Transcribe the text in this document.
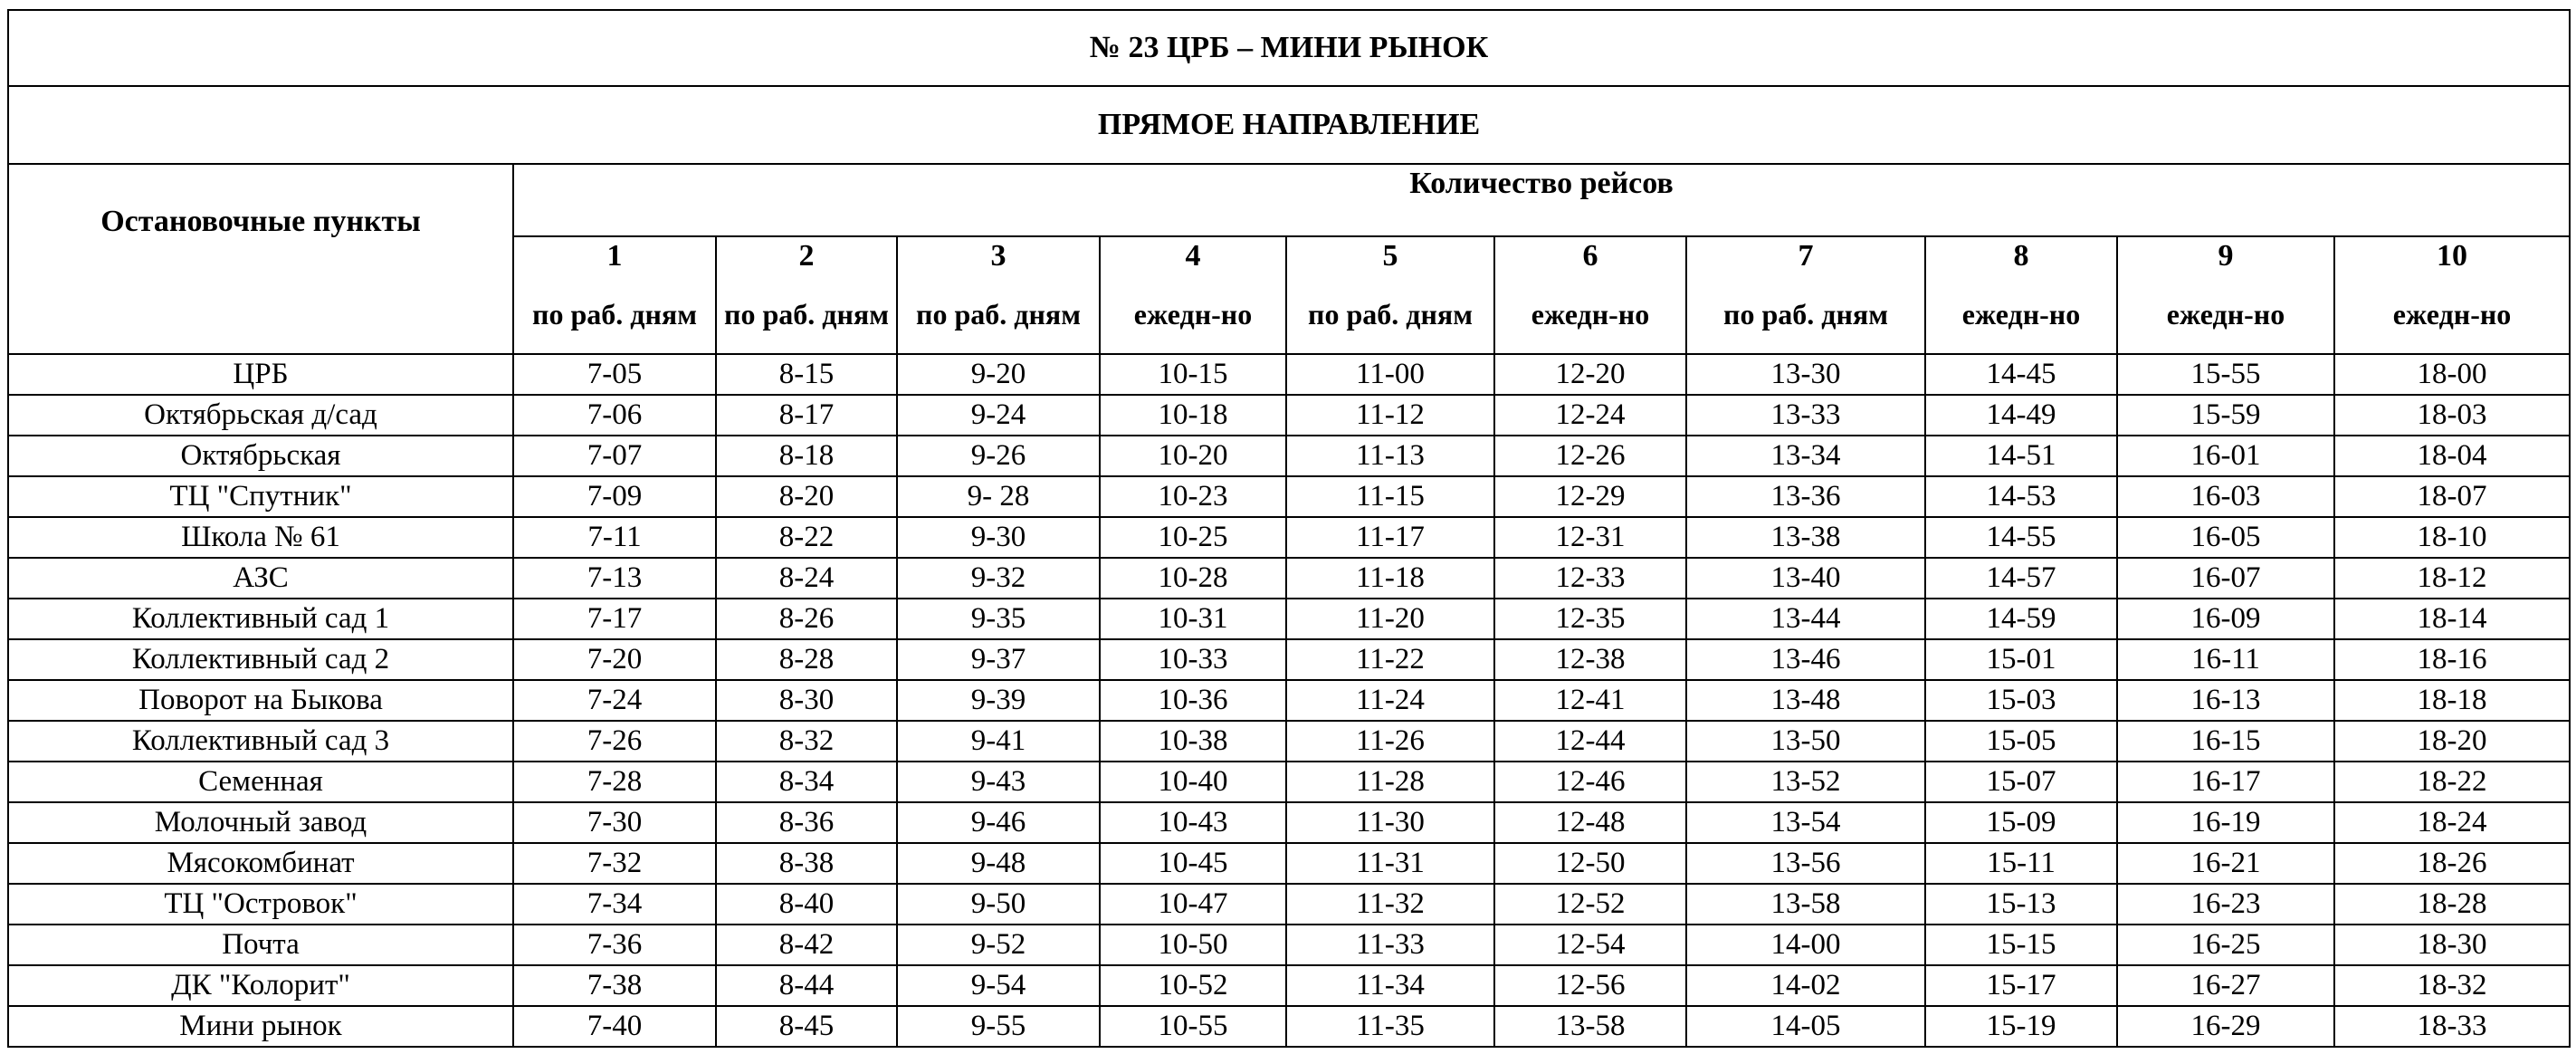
№ 23 ЦРБ – МИНИ РЫНОК										
ПРЯМОЕ НАПРАВЛЕНИЕ										
Остановочные пункты	Количество рейсов									
	1	2	3	4	5	6	7	8	9	10
	по раб. дням	по раб. дням	по раб. дням	ежедн-но	по раб. дням	ежедн-но	по раб. дням	ежедн-но	ежедн-но	ежедн-но
ЦРБ	7-05	8-15	9-20	10-15	11-00	12-20	13-30	14-45	15-55	18-00
Октябрьская д/сад	7-06	8-17	9-24	10-18	11-12	12-24	13-33	14-49	15-59	18-03
Октябрьская	7-07	8-18	9-26	10-20	11-13	12-26	13-34	14-51	16-01	18-04
ТЦ "Спутник"	7-09	8-20	9- 28	10-23	11-15	12-29	13-36	14-53	16-03	18-07
Школа № 61	7-11	8-22	9-30	10-25	11-17	12-31	13-38	14-55	16-05	18-10
АЗС	7-13	8-24	9-32	10-28	11-18	12-33	13-40	14-57	16-07	18-12
Коллективный сад 1	7-17	8-26	9-35	10-31	11-20	12-35	13-44	14-59	16-09	18-14
Коллективный сад 2	7-20	8-28	9-37	10-33	11-22	12-38	13-46	15-01	16-11	18-16
Поворот на Быкова	7-24	8-30	9-39	10-36	11-24	12-41	13-48	15-03	16-13	18-18
Коллективный сад 3	7-26	8-32	9-41	10-38	11-26	12-44	13-50	15-05	16-15	18-20
Семенная	7-28	8-34	9-43	10-40	11-28	12-46	13-52	15-07	16-17	18-22
Молочный завод	7-30	8-36	9-46	10-43	11-30	12-48	13-54	15-09	16-19	18-24
Мясокомбинат	7-32	8-38	9-48	10-45	11-31	12-50	13-56	15-11	16-21	18-26
ТЦ "Островок"	7-34	8-40	9-50	10-47	11-32	12-52	13-58	15-13	16-23	18-28
Почта	7-36	8-42	9-52	10-50	11-33	12-54	14-00	15-15	16-25	18-30
ДК "Колорит"	7-38	8-44	9-54	10-52	11-34	12-56	14-02	15-17	16-27	18-32
Мини рынок	7-40	8-45	9-55	10-55	11-35	13-58	14-05	15-19	16-29	18-33
